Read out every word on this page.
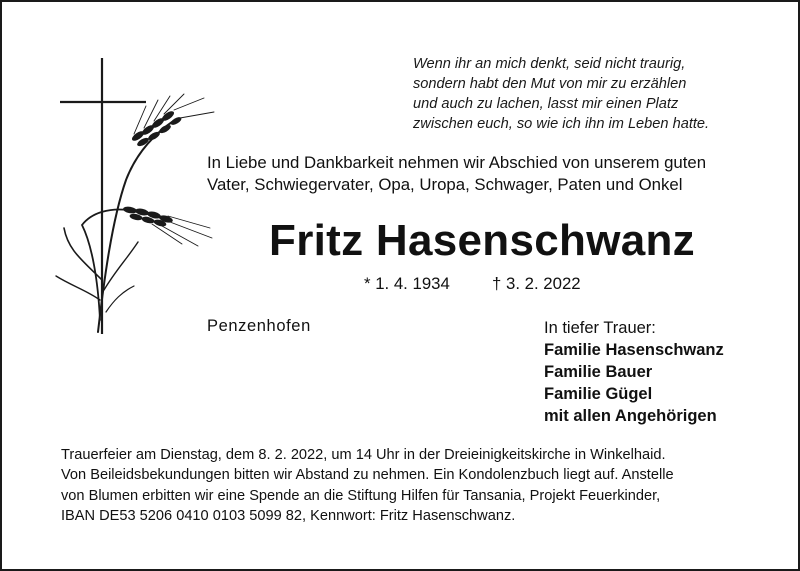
Wenn ihr an mich denkt, seid nicht traurig,
sondern habt den Mut von mir zu erzählen
und auch zu lachen, lasst mir einen Platz
zwischen euch, so wie ich ihn im Leben hatte.
In Liebe und Dankbarkeit nehmen wir Abschied von unserem guten
Vater, Schwiegervater, Opa, Uropa, Schwager, Paten und Onkel
Fritz Hasenschwanz
* 1. 4. 1934	† 3. 2. 2022
Penzenhofen	In tiefer Trauer:
Familie Hasenschwanz
Familie Bauer
Familie Gügel
mit allen Angehörigen
Trauerfeier am Dienstag, dem 8. 2. 2022, um 14 Uhr in der Dreieinigkeitskirche in Winkelhaid.
Von Beileidsbekundungen bitten wir Abstand zu nehmen. Ein Kondolenzbuch liegt auf. Anstelle
von Blumen erbitten wir eine Spende an die Stiftung Hilfen für Tansania, Projekt Feuerkinder,
IBAN DE53 5206 0410 0103 5099 82, Kennwort: Fritz Hasenschwanz.
